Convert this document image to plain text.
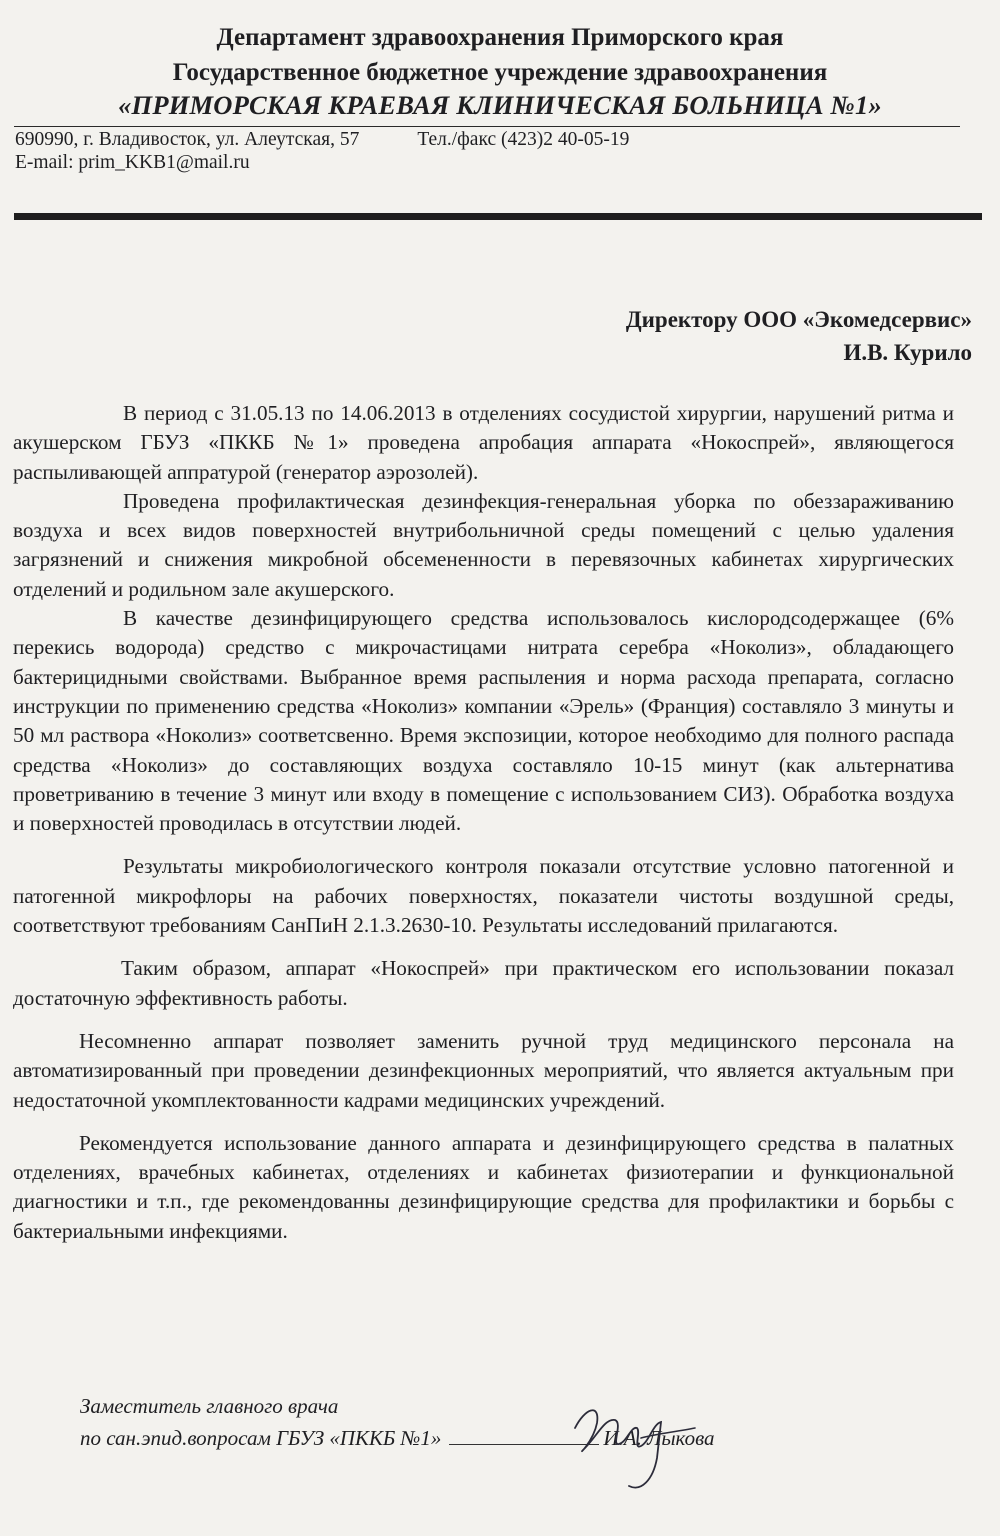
Департамент здравоохранения Приморского края
Государственное бюджетное учреждение здравоохранения
«ПРИМОРСКАЯ КРАЕВАЯ КЛИНИЧЕСКАЯ БОЛЬНИЦА №1»
690990, г. Владивосток, ул. Алеутская, 57	Тел./факс (423)2 40-05-19
E-mail: prim_KKB1@mail.ru
Директору ООО «Экомедсервис»
И.В. Курило

В период с 31.05.13 по 14.06.2013 в отделениях сосудистой хирургии, нарушений ритма и акушерском ГБУЗ «ПККБ №1» проведена апробация аппарата «Нокоспрей», являющегося распыливающей аппратурой (генератор аэрозолей).

Проведена профилактическая дезинфекция-генеральная уборка по обеззараживанию воздуха и всех видов поверхностей внутрибольничной среды помещений с целью удаления загрязнений и снижения микробной обсемененности в перевязочных кабинетах хирургических отделений и родильном зале акушерского.

В качестве дезинфицирующего средства использовалось кислородсодержащее (6% перекись водорода) средство с микрочастицами нитрата серебра «Ноколиз», обладающего бактерицидными свойствами. Выбранное время распыления и норма расхода препарата, согласно инструкции по применению средства «Ноколиз» компании «Эрель» (Франция) составляло 3 минуты и 50 мл раствора «Ноколиз» соответсвенно. Время экспозиции, которое необходимо для полного распада средства «Ноколиз» до составляющих воздуха составляло 10-15 минут (как альтернатива проветриванию в течение 3 минут или входу в помещение с использованием СИЗ). Обработка воздуха и поверхностей проводилась в отсутствии людей.

Результаты микробиологического контроля показали отсутствие условно патогенной и патогенной микрофлоры на рабочих поверхностях, показатели чистоты воздушной среды, соответствуют требованиям СанПиН 2.1.3.2630-10. Результаты исследований прилагаются.

Таким образом, аппарат «Нокоспрей» при практическом его использовании показал достаточную эффективность работы.

Несомненно аппарат позволяет заменить ручной труд медицинского персонала на автоматизированный при проведении дезинфекционных мероприятий, что является актуальным при недостаточной укомплектованности кадрами медицинских учреждений.

Рекомендуется использование данного аппарата и дезинфицирующего средства в палатных отделениях, врачебных кабинетах, отделениях и кабинетах физиотерапии и функциональной диагностики и т.п., где рекомендованны дезинфицирующие средства для профилактики и борьбы с бактериальными инфекциями.

Заместитель главного врача
по сан.эпид.вопросам ГБУЗ «ПККБ №1»	И.А. Лыкова
